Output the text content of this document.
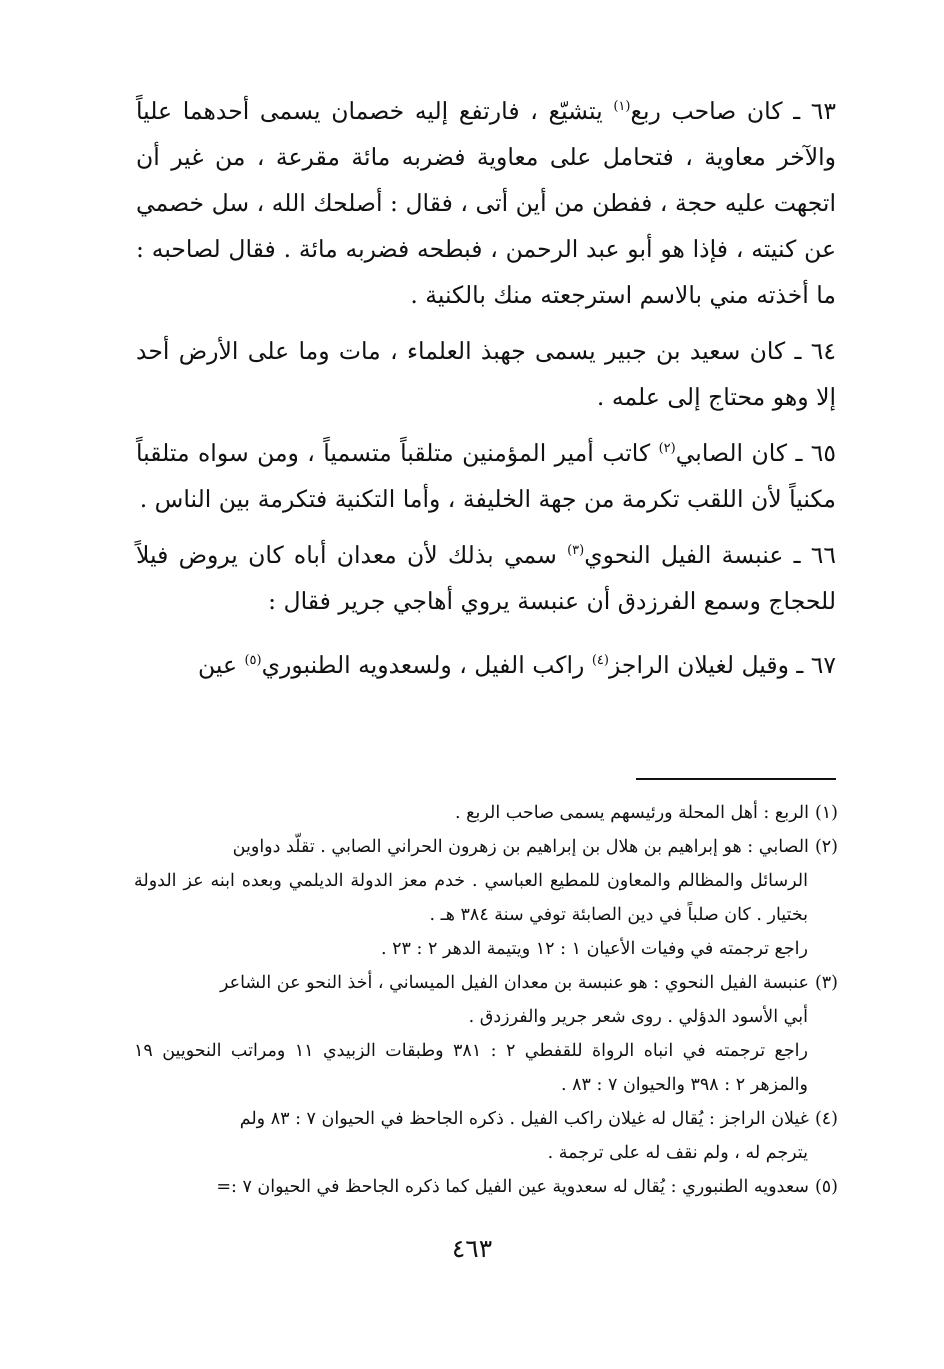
٦٣ ـ كان صاحب ربع$^{(١)}$ يتشيّع ، فارتفع إليه خصمان يسمى أحدهما علياً والآخر معاوية ، فتحامل على معاوية فضربه مائة مقرعة ، من غير أن اتجهت عليه حجة ، ففطن من أين أتى ، فقال : أصلحك الله ، سل خصمي عن كنيته ، فإذا هو أبو عبد الرحمن ، فبطحه فضربه مائة . فقال لصاحبه : ما أخذته مني بالاسم استرجعته منك بالكنية .

٦٤ ـ كان سعيد بن جبير يسمى جهبذ العلماء ، مات وما على الأرض أحد إلا وهو محتاج إلى علمه .

٦٥ ـ كان الصابي$^{(٢)}$ كاتب أمير المؤمنين متلقباً متسمياً ، ومن سواه متلقباً مكنياً لأن اللقب تكرمة من جهة الخليفة ، وأما التكنية فتكرمة بين الناس .

٦٦ ـ عنبسة الفيل النحوي$^{(٣)}$ سمي بذلك لأن معدان أباه كان يروض فيلاً للحجاج وسمع الفرزدق أن عنبسة يروي أهاجي جرير فقال :

٦٧ ـ وقيل لغيلان الراجز$^{(٤)}$ راكب الفيل ، ولسعدويه الطنبوري$^{(٥)}$ عين

(١)الربع : أهل المحلة ورئيسهم يسمى صاحب الربع .

(٢)الصابي : هو إبراهيم بن هلال بن إبراهيم بن زهرون الحراني الصابي . تقلّد دواوين

الرسائل والمظالم والمعاون للمطيع العباسي . خدم معز الدولة الديلمي وبعده ابنه عز الدولة بختيار . كان صلباً في دين الصابئة توفي سنة ٣٨٤ هـ .

راجع ترجمته في وفيات الأعيان ١ : ١٢ ويتيمة الدهر ٢ : ٢٣ .

(٣)عنبسة الفيل النحوي : هو عنبسة بن معدان الفيل الميساني ، أخذ النحو عن الشاعر

أبي الأسود الدؤلي . روى شعر جرير والفرزدق .

راجع ترجمته في انباه الرواة للقفطي ٢ : ٣٨١ وطبقات الزبيدي ١١ ومراتب النحويين ١٩ والمزهر ٢ : ٣٩٨ والحيوان ٧ : ٨٣ .

(٤)غيلان الراجز : يُقال له غيلان راكب الفيل . ذكره الجاحظ في الحيوان ٧ : ٨٣ ولم

يترجم له ، ولم نقف له على ترجمة .

(٥)سعدويه الطنبوري : يُقال له سعدوية عين الفيل كما ذكره الجاحظ في الحيوان ٧ :=

٤٦٣
